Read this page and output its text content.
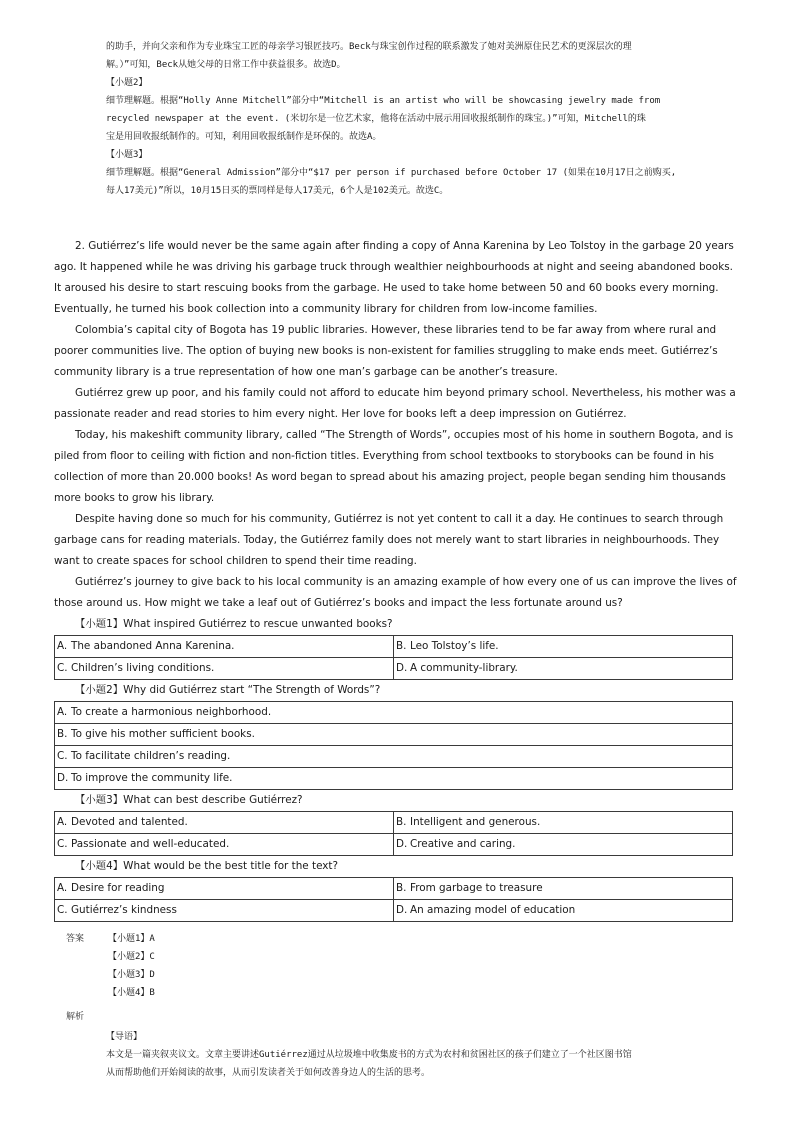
的助手，并向父亲和作为专业珠宝工匠的母亲学习银匠技巧。Beck与珠宝创作过程的联系激发了她对美洲原住民艺术的更深层次的理

解。）”可知，Beck从她父母的日常工作中获益很多。故选D。

【小题2】

细节理解题。根据“Holly Anne Mitchell”部分中“Mitchell is an artist who will be showcasing jewelry made from

recycled newspaper at the event. (米切尔是一位艺术家，他将在活动中展示用回收报纸制作的珠宝。)”可知，Mitchell的珠

宝是用回收报纸制作的。可知，利用回收报纸制作是环保的。故选A。

【小题3】

细节理解题。根据“General Admission”部分中“$17 per person if purchased before October 17 (如果在10月17日之前购买,

每人17美元)”所以，10月15日买的票同样是每人17美元，6个人是102美元。故选C。

2. Gutiérrez’s life would never be the same again after finding a copy of Anna Karenina by Leo Tolstoy in the garbage 20 years ago. It happened while he was driving his garbage truck through wealthier neighbourhoods at night and seeing abandoned books. It aroused his desire to start rescuing books from the garbage. He used to take home between 50 and 60 books every morning. Eventually, he turned his book collection into a community library for children from low-income families.

Colombia’s capital city of Bogota has 19 public libraries. However, these libraries tend to be far away from where rural and poorer communities live. The option of buying new books is non-existent for families struggling to make ends meet. Gutiérrez’s community library is a true representation of how one man’s garbage can be another’s treasure.

Gutiérrez grew up poor, and his family could not afford to educate him beyond primary school. Nevertheless, his mother was a passionate reader and read stories to him every night. Her love for books left a deep impression on Gutiérrez.

Today, his makeshift community library, called “The Strength of Words”, occupies most of his home in southern Bogota, and is piled from floor to ceiling with fiction and non-fiction titles. Everything from school textbooks to storybooks can be found in his collection of more than 20.000 books! As word began to spread about his amazing project, people began sending him thousands more books to grow his library.

Despite having done so much for his community, Gutiérrez is not yet content to call it a day. He continues to search through garbage cans for reading materials. Today, the Gutiérrez family does not merely want to start libraries in neighbourhoods. They want to create spaces for school children to spend their time reading.

Gutiérrez’s journey to give back to his local community is an amazing example of how every one of us can improve the lives of those around us. How might we take a leaf out of Gutiérrez’s books and impact the less fortunate around us?

【小题1】What inspired Gutiérrez to rescue unwanted books?

A. The abandoned Anna Karenina.	B. Leo Tolstoy’s life.
C. Children’s living conditions.	D. A community-library.

【小题2】Why did Gutiérrez start “The Strength of Words”?

A. To create a harmonious neighborhood.
B. To give his mother sufficient books.
C. To facilitate children’s reading.
D. To improve the community life.

【小题3】What can best describe Gutiérrez?

A. Devoted and talented.	B. Intelligent and generous.
C. Passionate and well-educated.	D. Creative and caring.

【小题4】What would be the best title for the text?

A. Desire for reading	B. From garbage to treasure
C. Gutiérrez’s kindness	D. An amazing model of education
答案	【小题1】A
【小题2】C
【小题3】D
【小题4】B
解析
【导语】
本文是一篇夹叙夹议文。文章主要讲述Gutiérrez通过从垃圾堆中收集废书的方式为农村和贫困社区的孩子们建立了一个社区图书馆
从而帮助他们开始阅读的故事，从而引发读者关于如何改善身边人的生活的思考。
